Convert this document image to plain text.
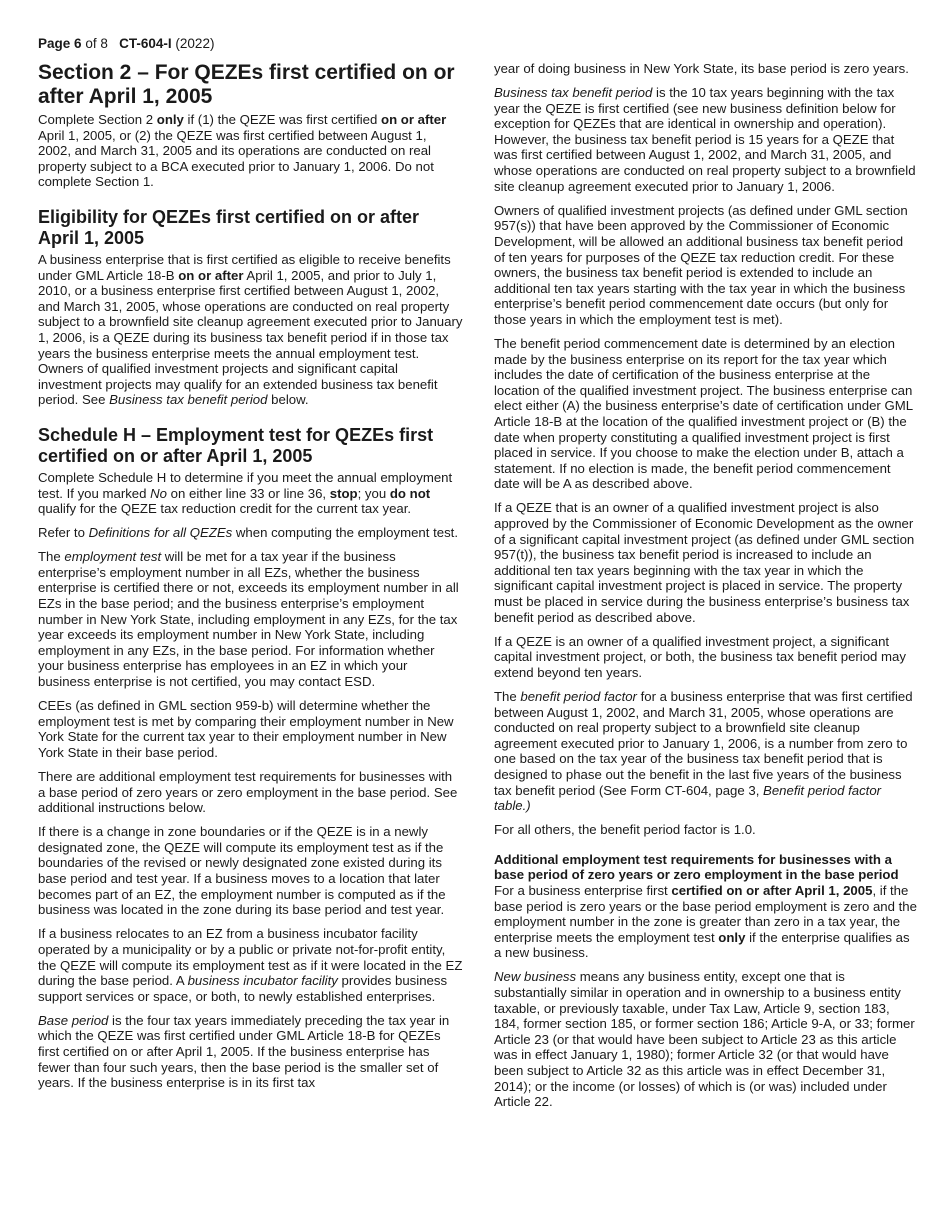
Page 6 of 8 CT-604-I (2022)
Section 2 – For QEZEs first certified on or after April 1, 2005

Complete Section 2 only if (1) the QEZE was first certified on or after April 1, 2005, or (2) the QEZE was first certified between August 1, 2002, and March 31, 2005 and its operations are conducted on real property subject to a BCA executed prior to January 1, 2006. Do not complete Section 1.

Eligibility for QEZEs first certified on or after April 1, 2005

A business enterprise that is first certified as eligible to receive benefits under GML Article 18-B on or after April 1, 2005, and prior to July 1, 2010, or a business enterprise first certified between August 1, 2002, and March 31, 2005, whose operations are conducted on real property subject to a brownfield site cleanup agreement executed prior to January 1, 2006, is a QEZE during its business tax benefit period if in those tax years the business enterprise meets the annual employment test. Owners of qualified investment projects and significant capital investment projects may qualify for an extended business tax benefit period. See Business tax benefit period below.

Schedule H – Employment test for QEZEs first certified on or after April 1, 2005

Complete Schedule H to determine if you meet the annual employment test. If you marked No on either line 33 or line 36, stop; you do not qualify for the QEZE tax reduction credit for the current tax year.

Refer to Definitions for all QEZEs when computing the employment test.

The employment test will be met for a tax year if the business enterprise’s employment number in all EZs, whether the business enterprise is certified there or not, exceeds its employment number in all EZs in the base period; and the business enterprise’s employment number in New York State, including employment in any EZs, for the tax year exceeds its employment number in New York State, including employment in any EZs, in the base period. For information whether your business enterprise has employees in an EZ in which your business enterprise is not certified, you may contact ESD.

CEEs (as defined in GML section 959-b) will determine whether the employment test is met by comparing their employment number in New York State for the current tax year to their employment number in New York State in their base period.

There are additional employment test requirements for businesses with a base period of zero years or zero employment in the base period. See additional instructions below.

If there is a change in zone boundaries or if the QEZE is in a newly designated zone, the QEZE will compute its employment test as if the boundaries of the revised or newly designated zone existed during its base period and test year. If a business moves to a location that later becomes part of an EZ, the employment number is computed as if the business was located in the zone during its base period and test year.

If a business relocates to an EZ from a business incubator facility operated by a municipality or by a public or private not-for-profit entity, the QEZE will compute its employment test as if it were located in the EZ during the base period. A business incubator facility provides business support services or space, or both, to newly established enterprises.

Base period is the four tax years immediately preceding the tax year in which the QEZE was first certified under GML Article 18-B for QEZEs first certified on or after April 1, 2005. If the business enterprise has fewer than four such years, then the base period is the smaller set of years. If the business enterprise is in its first tax

year of doing business in New York State, its base period is zero years.

Business tax benefit period is the 10 tax years beginning with the tax year the QEZE is first certified (see new business definition below for exception for QEZEs that are identical in ownership and operation). However, the business tax benefit period is 15 years for a QEZE that was first certified between August 1, 2002, and March 31, 2005, and whose operations are conducted on real property subject to a brownfield site cleanup agreement executed prior to January 1, 2006.

Owners of qualified investment projects (as defined under GML section 957(s)) that have been approved by the Commissioner of Economic Development, will be allowed an additional business tax benefit period of ten years for purposes of the QEZE tax reduction credit. For these owners, the business tax benefit period is extended to include an additional ten tax years starting with the tax year in which the business enterprise’s benefit period commencement date occurs (but only for those years in which the employment test is met).

The benefit period commencement date is determined by an election made by the business enterprise on its report for the tax year which includes the date of certification of the business enterprise at the location of the qualified investment project. The business enterprise can elect either (A) the business enterprise’s date of certification under GML Article 18-B at the location of the qualified investment project or (B) the date when property constituting a qualified investment project is first placed in service. If you choose to make the election under B, attach a statement. If no election is made, the benefit period commencement date will be A as described above.

If a QEZE that is an owner of a qualified investment project is also approved by the Commissioner of Economic Development as the owner of a significant capital investment project (as defined under GML section 957(t)), the business tax benefit period is increased to include an additional ten tax years beginning with the tax year in which the significant capital investment project is placed in service. The property must be placed in service during the business enterprise’s business tax benefit period as described above.

If a QEZE is an owner of a qualified investment project, a significant capital investment project, or both, the business tax benefit period may extend beyond ten years.

The benefit period factor for a business enterprise that was first certified between August 1, 2002, and March 31, 2005, whose operations are conducted on real property subject to a brownfield site cleanup agreement executed prior to January 1, 2006, is a number from zero to one based on the tax year of the business tax benefit period that is designed to phase out the benefit in the last five years of the business tax benefit period (See Form CT-604, page 3, Benefit period factor table.)

For all others, the benefit period factor is 1.0.

Additional employment test requirements for businesses with a base period of zero years or zero employment in the base period

For a business enterprise first certified on or after April 1, 2005, if the base period is zero years or the base period employment is zero and the employment number in the zone is greater than zero in a tax year, the enterprise meets the employment test only if the enterprise qualifies as a new business.

New business means any business entity, except one that is substantially similar in operation and in ownership to a business entity taxable, or previously taxable, under Tax Law, Article 9, section 183, 184, former section 185, or former section 186; Article 9-A, or 33; former Article 23 (or that would have been subject to Article 23 as this article was in effect January 1, 1980); former Article 32 (or that would have been subject to Article 32 as this article was in effect December 31, 2014); or the income (or losses) of which is (or was) included under Article 22.
